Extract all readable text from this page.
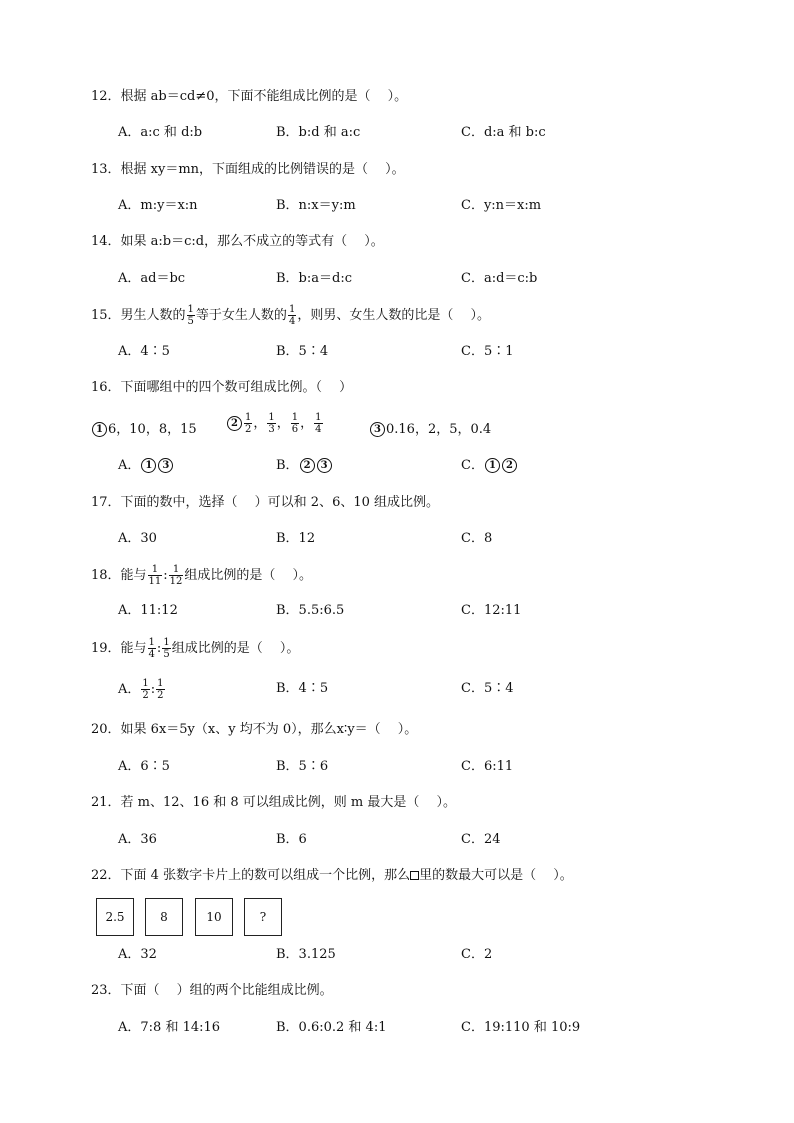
12．根据 ab＝cd≠0，下面不能组成比例的是（　 ）。
A．a:c 和 d:b	B．b:d 和 a:c	C．d:a 和 b:c
13．根据 xy＝mn，下面组成的比例错误的是（　 ）。
A．m:y＝x:n	B．n:x＝y:m	C．y:n＝x:m
14．如果 a:b＝c:d，那么不成立的等式有（　 ）。
A．ad＝bc	B．b:a＝d:c	C．a:d＝c:b
15．男生人数的 $\frac{1}{5}$ 等于女生人数的 $\frac{1}{4}$ ，则男、女生人数的比是（　 ）。
A．4∶5	B．5∶4	C．5∶1
16．下面哪组中的四个数可组成比例。（　 ）
1 6，10，8，15	$2 \frac{1}{2}$ ， $\frac{1}{3}$ ， $\frac{1}{6}$ ， $\frac{1}{4}$	3 0.16，2，5，0.4
A． 1 3	B． 2 3	C． 1 2
17．下面的数中，选择（　 ）可以和 2、6、10 组成比例。
A．30	B．12	C．8
18．能与 $\frac{1}{11}$ : $\frac{1}{12}$ 组成比例的是（　 ）。
A．11:12	B．5.5:6.5	C．12:11
19．能与 $\frac{1}{4}$ : $\frac{1}{5}$ 组成比例的是（　 ）。
A． $\frac{1}{2}$ : $\frac{1}{2}$	B．4∶5	C．5∶4
20．如果 6x＝5y（x、y 均不为 0），那么x∶y＝（　 ）。
A．6∶5	B．5∶6	C．6:11
21．若 m、12、16 和 8 可以组成比例，则 m 最大是（　 ）。
A．36	B．6	C．24
22．下面 4 张数字卡片上的数可以组成一个比例，那么 里的数最大可以是（　 ）。
2.5	8	10	?
A．32	B．3.125	C．2
23．下面（　 ）组的两个比能组成比例。
A．7:8 和 14:16	B．0.6:0.2 和 4:1	C．19:110 和 10:9
